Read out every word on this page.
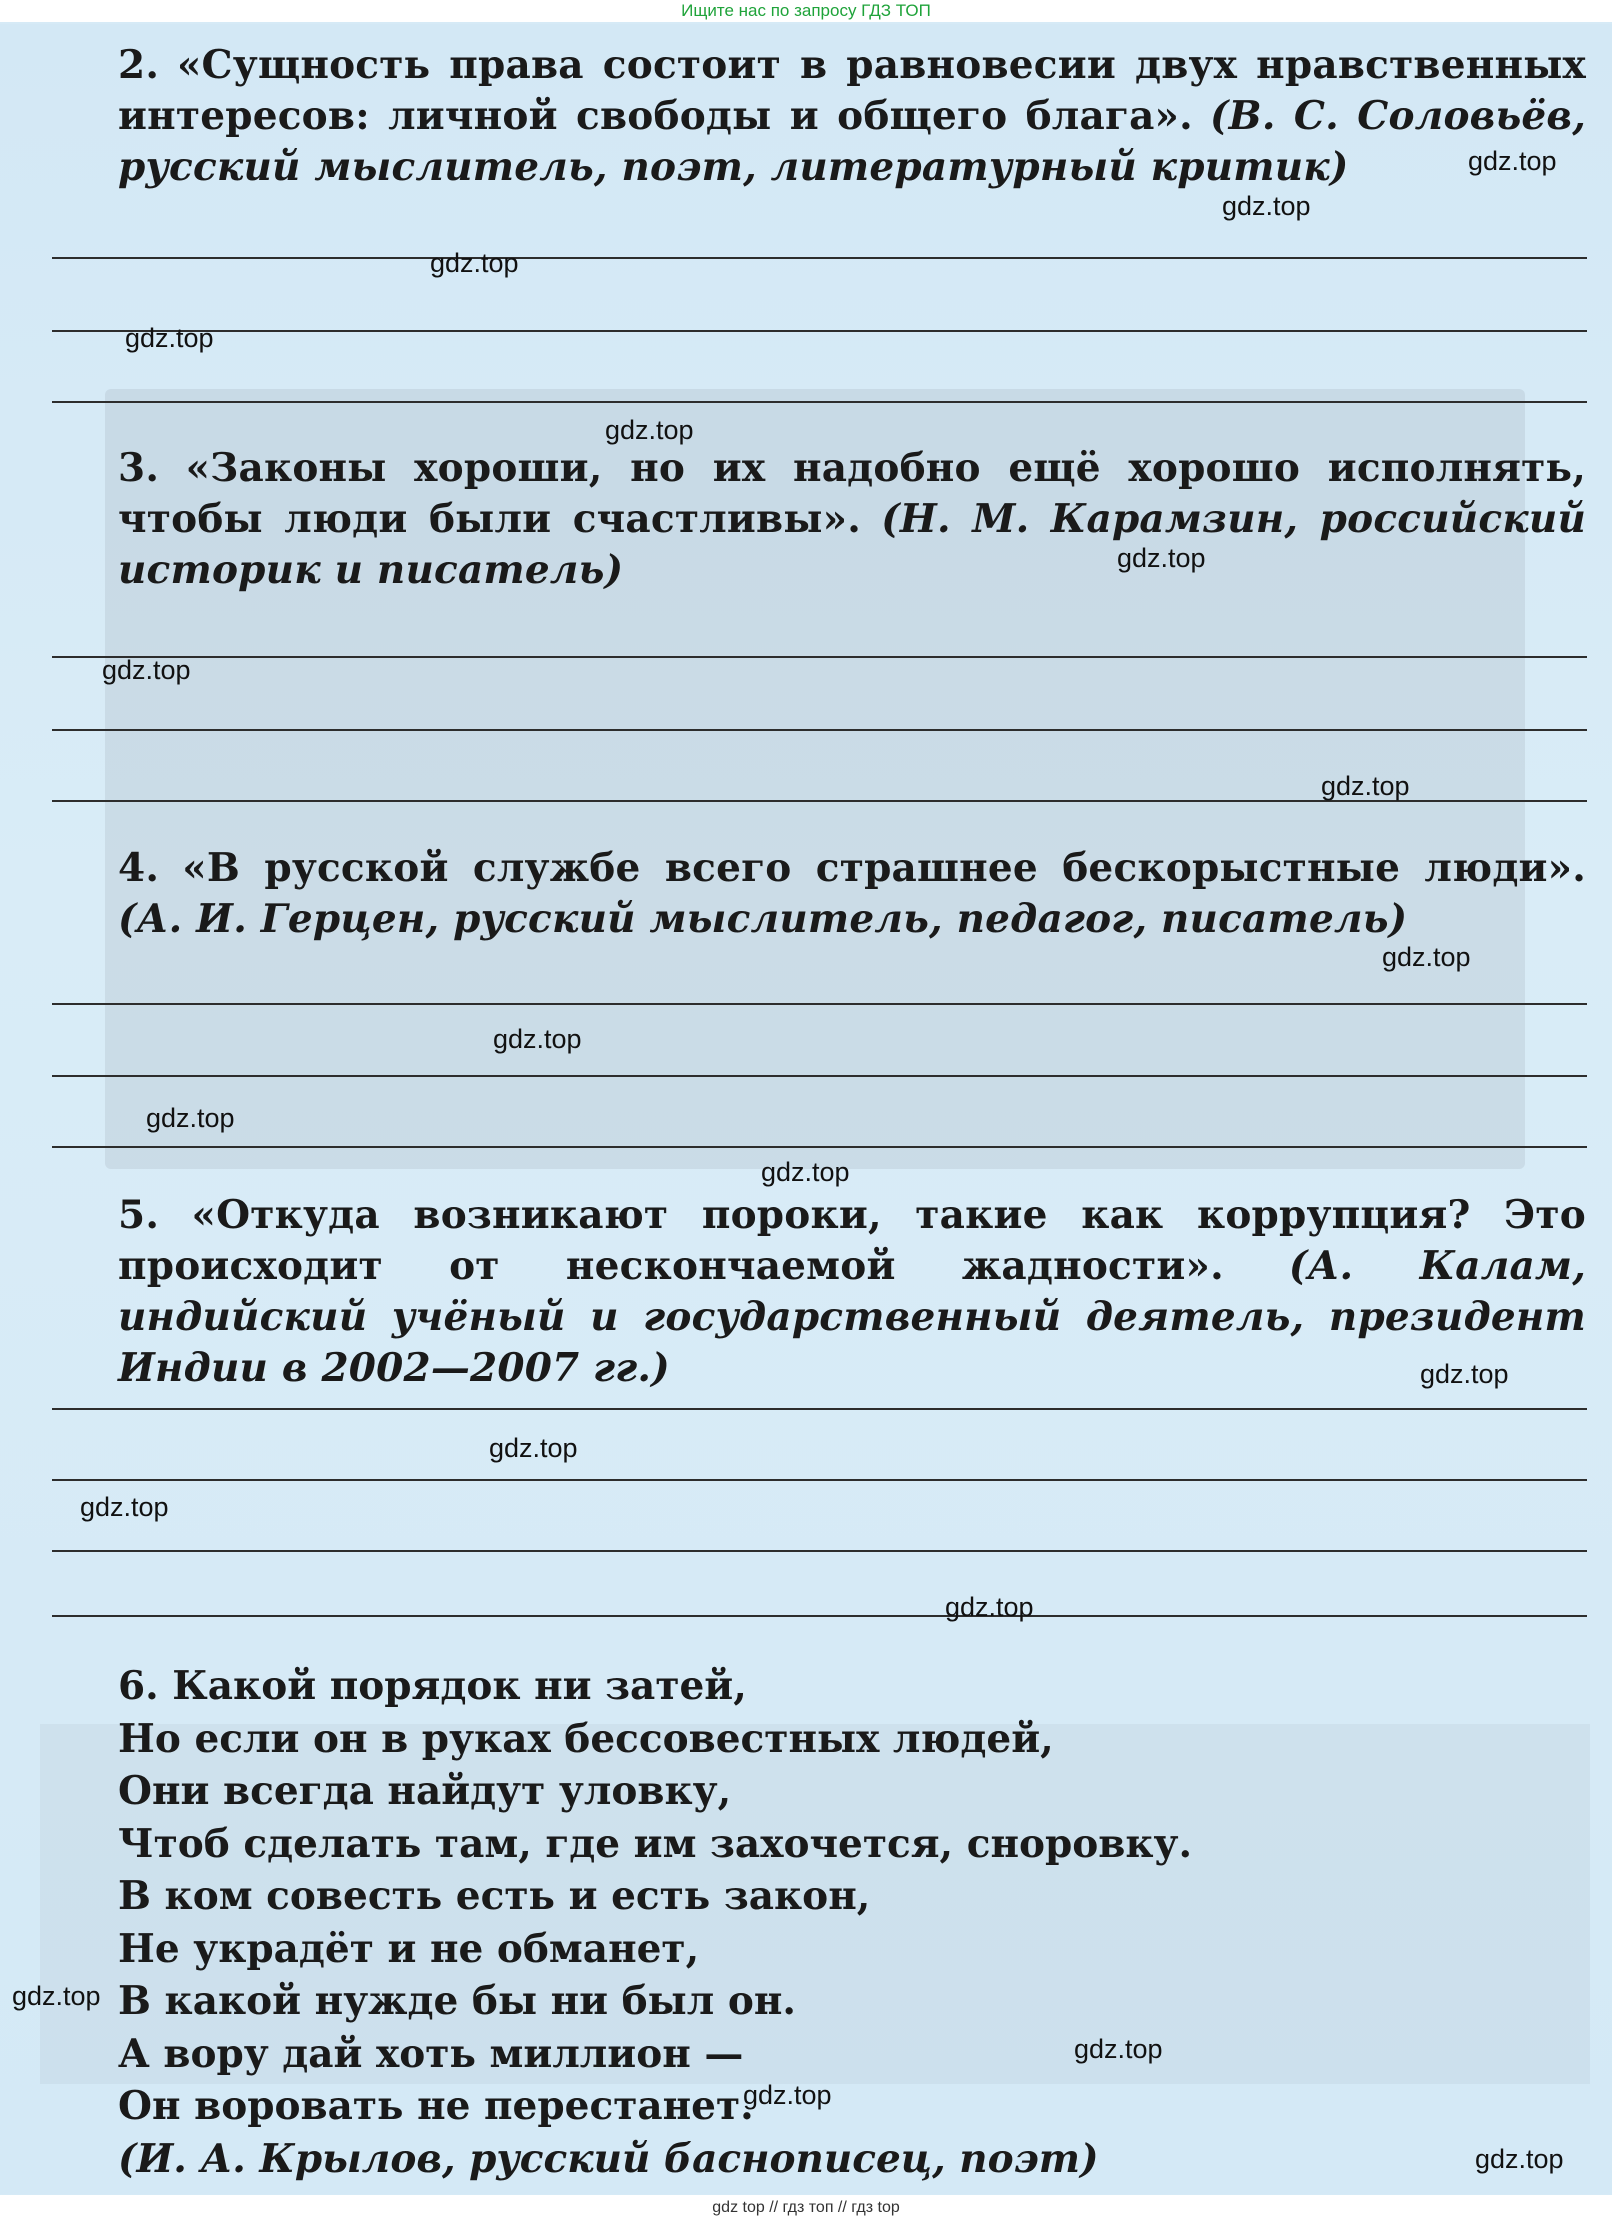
Ищите нас по запросу ГДЗ ТОП
2. «Сущность права состоит в равновесии двух нравственных интересов: личной свободы и общего блага». (В. С. Соловьёв, русский мыслитель, поэт, литературный критик)
3. «Законы хороши, но их надобно ещё хорошо исполнять, чтобы люди были счастливы». (Н. М. Карамзин, российский историк и писатель)
4. «В русской службе всего страшнее бескорыстные люди». (А. И. Герцен, русский мыслитель, педагог, писатель)
5. «Откуда возникают пороки, такие как коррупция? Это происходит от нескончаемой жадности». (А. Калам, индийский учёный и государственный деятель, президент Индии в 2002—2007 гг.)
6. Какой порядок ни затей,
Но если он в руках бессовестных людей,
Они всегда найдут уловку,
Чтоб сделать там, где им захочется, сноровку.
В ком совесть есть и есть закон,
Не украдёт и не обманет,
В какой нужде бы ни был он.
А вору дай хоть миллион —
Он воровать не перестанет.
(И. А. Крылов, русский баснописец, поэт)
gdz.top
gdz.top
gdz.top
gdz.top
gdz.top
gdz.top
gdz.top
gdz.top
gdz.top
gdz.top
gdz.top
gdz.top
gdz.top
gdz.top
gdz.top
gdz.top
gdz.top
gdz.top
gdz.top
gdz.top
gdz top // гдз топ // гдз top
